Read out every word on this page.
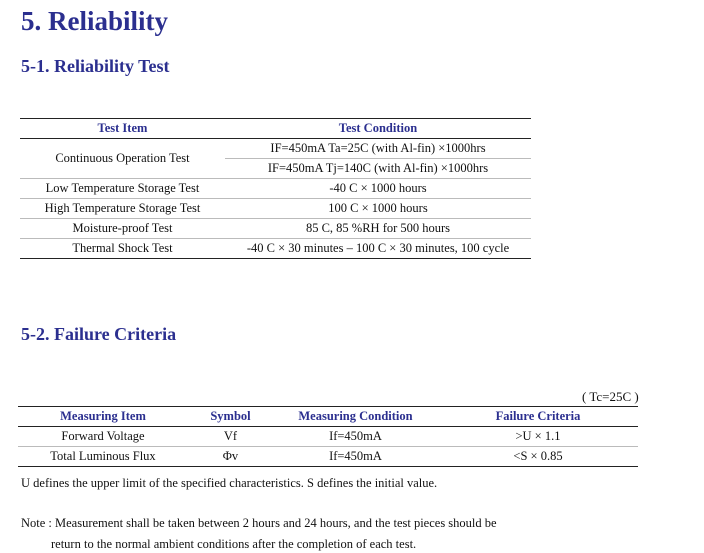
5. Reliability
5-1. Reliability Test
Test Item	Test Condition
Continuous Operation Test	IF=450mA Ta=25C (with Al-fin) ×1000hrs
	IF=450mA Tj=140C (with Al-fin) ×1000hrs
Low Temperature Storage Test	-40 C × 1000 hours
High Temperature Storage Test	100 C × 1000 hours
Moisture-proof Test	85 C, 85 %RH for 500 hours
Thermal Shock Test	-40 C × 30 minutes – 100 C × 30 minutes, 100 cycle
5-2. Failure Criteria
( Tc=25C )
Measuring Item	Symbol	Measuring Condition	Failure Criteria
Forward Voltage	Vf	If=450mA	>U × 1.1
Total Luminous Flux	Φv	If=450mA	<S × 0.85

U defines the upper limit of the specified characteristics. S defines the initial value.

Note : Measurement shall be taken between 2 hours and 24 hours, and the test pieces should be

return to the normal ambient conditions after the completion of each test.
